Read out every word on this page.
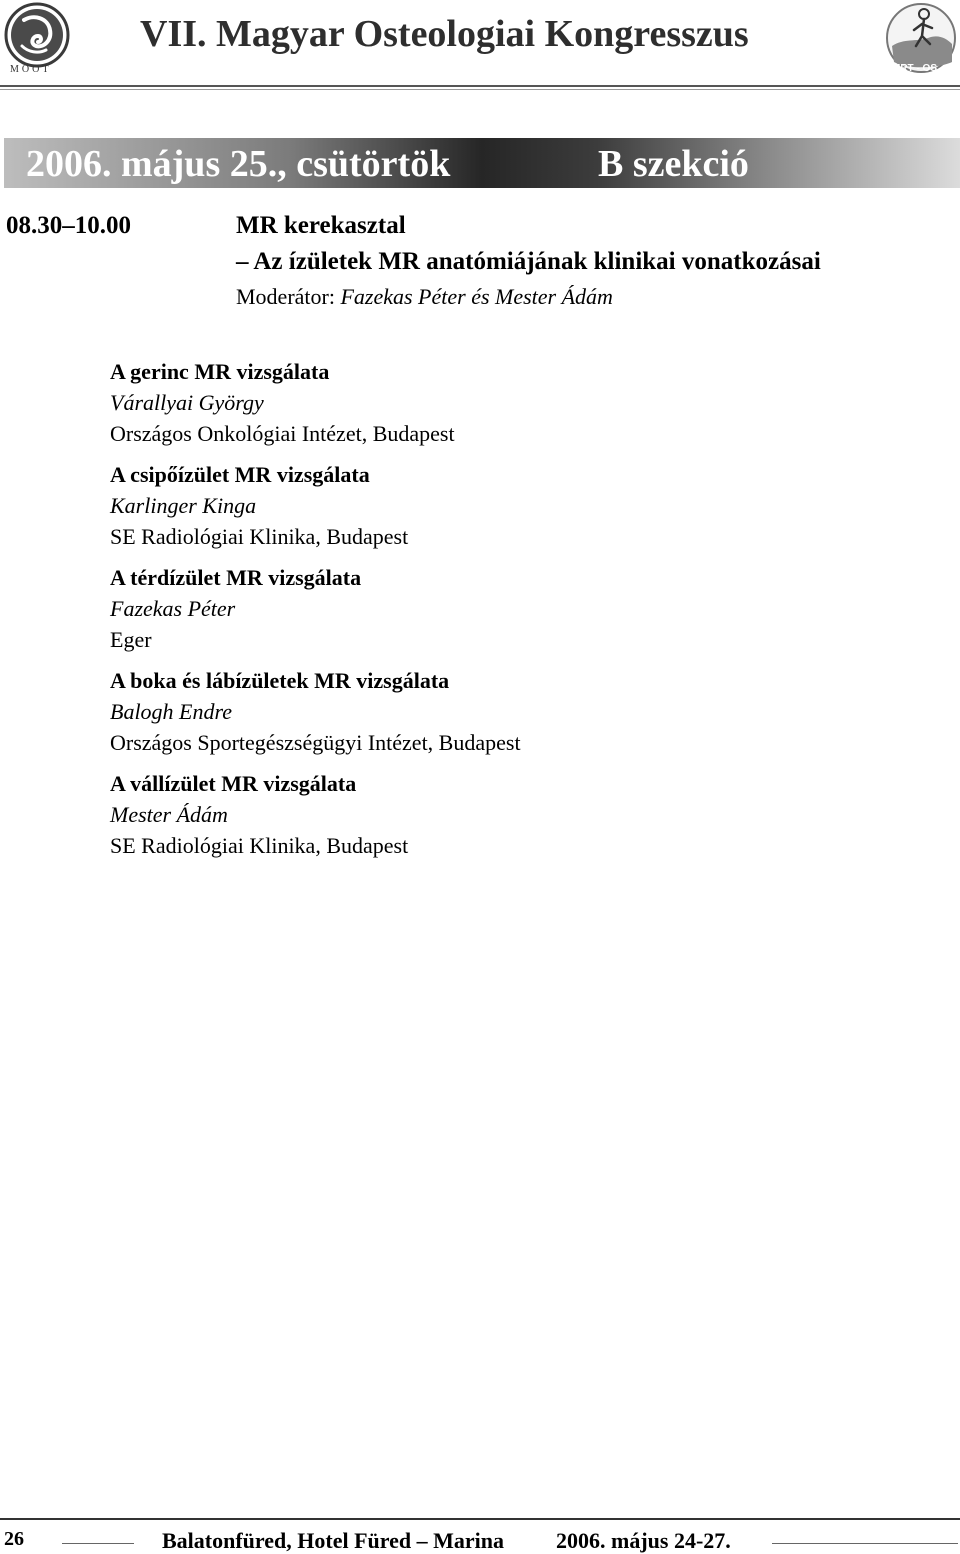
MOOT
VII. Magyar Osteologiai Kongresszus
MRT - OS
2006. május 25., csütörtök	B szekció
08.30–10.00	MR kerekasztal
– Az ízületek MR anatómiájának klinikai vonatkozásai
Moderátor: Fazekas Péter és Mester Ádám
A gerinc MR vizsgálata
Várallyai György
Országos Onkológiai Intézet, Budapest
A csipőízület MR vizsgálata
Karlinger Kinga
SE Radiológiai Klinika, Budapest
A térdízület MR vizsgálata
Fazekas Péter
Eger
A boka és lábízületek MR vizsgálata
Balogh Endre
Országos Sportegészségügyi Intézet, Budapest
A vállízület MR vizsgálata
Mester Ádám
SE Radiológiai Klinika, Budapest
26	Balatonfüred, Hotel Füred – Marina 2006. május 24-27.
